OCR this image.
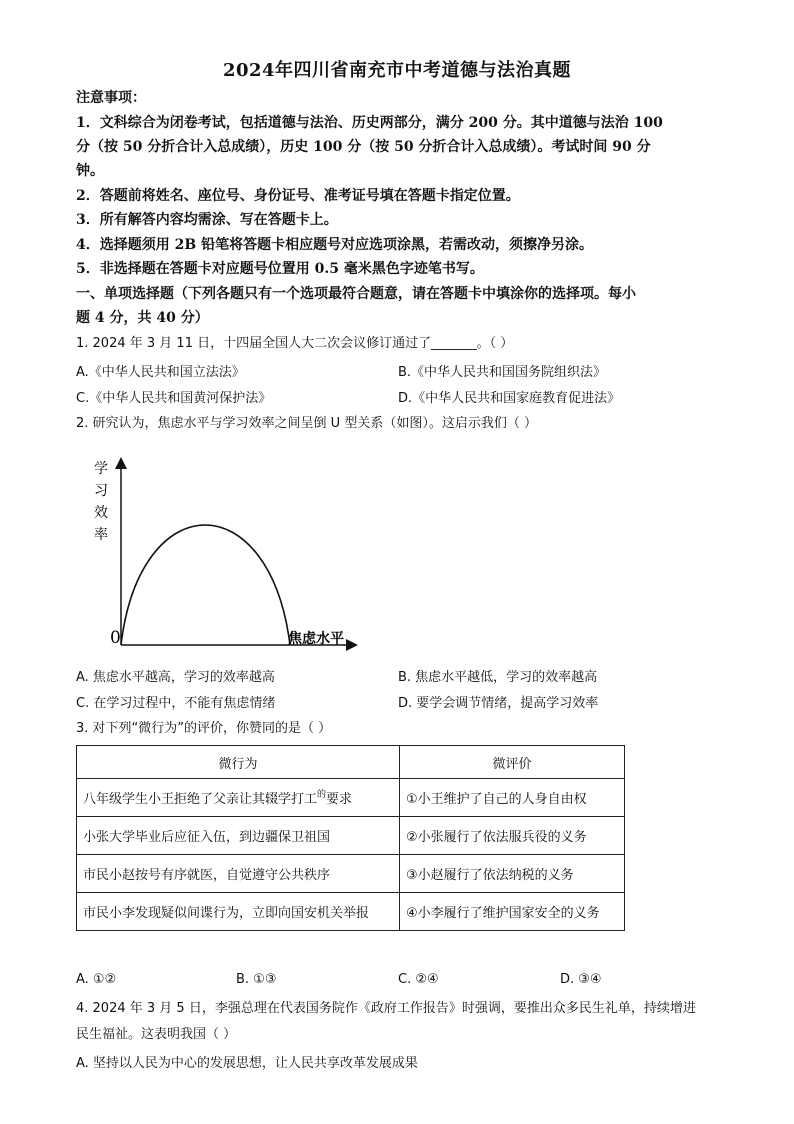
2024年四川省南充市中考道德与法治真题
注意事项：
1．文科综合为闭卷考试，包括道德与法治、历史两部分，满分 200 分。其中道德与法治 100
分（按 50 分折合计入总成绩），历史 100 分（按 50 分折合计入总成绩）。考试时间 90 分
钟。
2．答题前将姓名、座位号、身份证号、准考证号填在答题卡指定位置。
3．所有解答内容均需涂、写在答题卡上。
4．选择题须用 2B 铅笔将答题卡相应题号对应选项涂黑，若需改动，须擦净另涂。
5．非选择题在答题卡对应题号位置用 0.5 毫米黑色字迹笔书写。
一、单项选择题（下列各题只有一个选项最符合题意，请在答题卡中填涂你的选择项。每小
题 4 分，共 40 分）
1. 2024 年 3 月 11 日，十四届全国人大二次会议修订通过了_______。（ ）
A.《中华人民共和国立法法》	B.《中华人民共和国国务院组织法》
C.《中华人民共和国黄河保护法》	D.《中华人民共和国家庭教育促进法》
2. 研究认为，焦虑水平与学习效率之间呈倒 U 型关系（如图）。这启示我们（ ）
学
习
效
率
0	焦虑水平
A. 焦虑水平越高，学习的效率越高	B. 焦虑水平越低，学习的效率越高
C. 在学习过程中，不能有焦虑情绪	D. 要学会调节情绪，提高学习效率
3. 对下列“微行为”的评价，你赞同的是（ ）
微行为	微评价
八年级学生小王拒绝了父亲让其辍学打工$^的$要求	①小王维护了自己的人身自由权
小张大学毕业后应征入伍，到边疆保卫祖国	②小张履行了依法服兵役的义务
市民小赵按号有序就医，自觉遵守公共秩序	③小赵履行了依法纳税的义务
市民小李发现疑似间谍行为，立即向国安机关举报	④小李履行了维护国家安全的义务
A. ①②	B. ①③	C. ②④	D. ③④
4. 2024 年 3 月 5 日，李强总理在代表国务院作《政府工作报告》时强调，要推出众多民生礼单，持续增进
民生福祉。这表明我国（ ）
A. 坚持以人民为中心的发展思想，让人民共享改革发展成果
